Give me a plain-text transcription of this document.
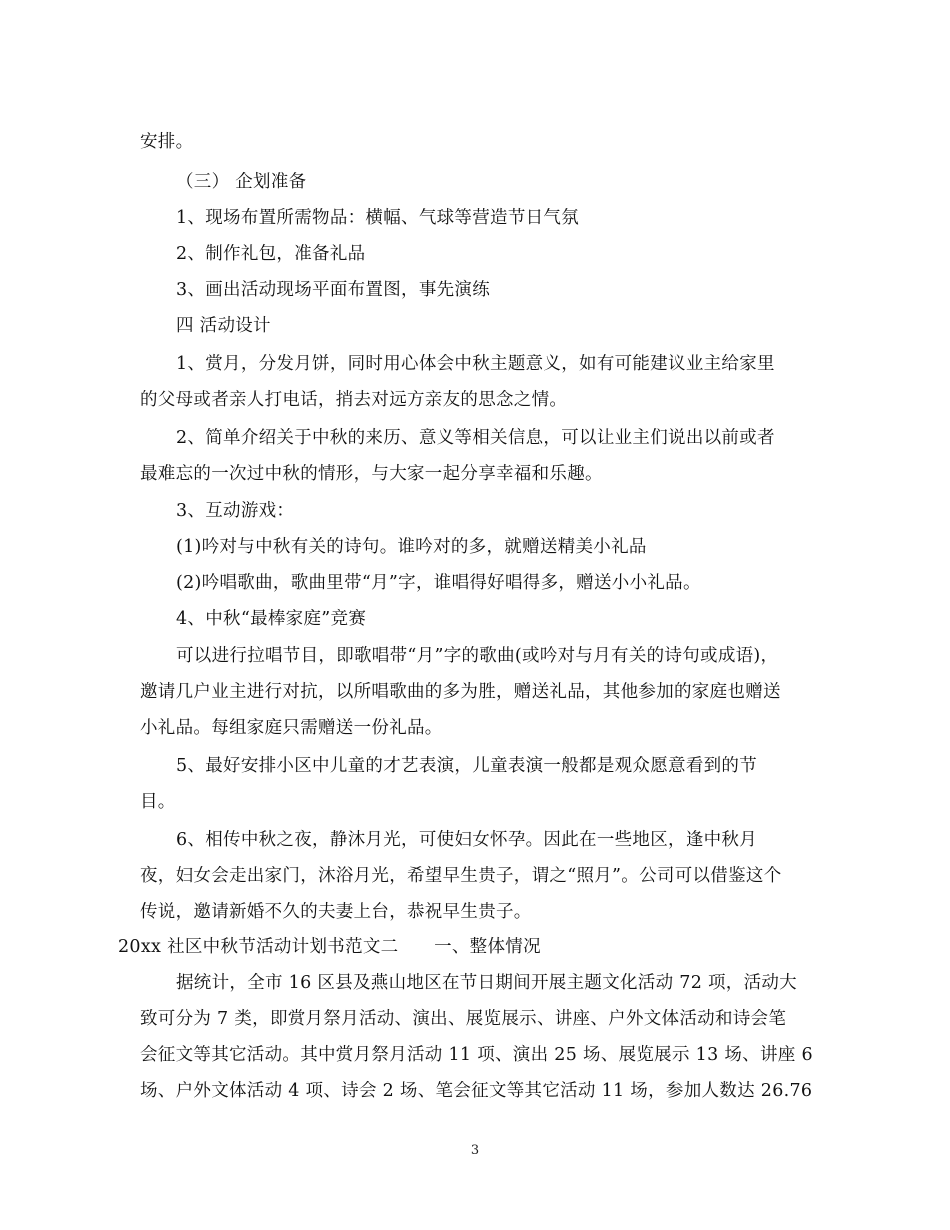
安排。
（三） 企划准备
1、现场布置所需物品：横幅、气球等营造节日气氛
2、制作礼包，准备礼品
3、画出活动现场平面布置图，事先演练
四 活动设计
1、赏月，分发月饼，同时用心体会中秋主题意义，如有可能建议业主给家里
的父母或者亲人打电话，捎去对远方亲友的思念之情。
2、简单介绍关于中秋的来历、意义等相关信息，可以让业主们说出以前或者
最难忘的一次过中秋的情形，与大家一起分享幸福和乐趣。
3、互动游戏：
(1)吟对与中秋有关的诗句。谁吟对的多，就赠送精美小礼品
(2)吟唱歌曲，歌曲里带“月”字，谁唱得好唱得多，赠送小小礼品。
4、中秋“最棒家庭”竞赛
可以进行拉唱节目，即歌唱带“月”字的歌曲(或吟对与月有关的诗句或成语)，
邀请几户业主进行对抗，以所唱歌曲的多为胜，赠送礼品，其他参加的家庭也赠送
小礼品。每组家庭只需赠送一份礼品。
5、最好安排小区中儿童的才艺表演，儿童表演一般都是观众愿意看到的节
目。
6、相传中秋之夜，静沐月光，可使妇女怀孕。因此在一些地区，逢中秋月
夜，妇女会走出家门，沐浴月光，希望早生贵子，谓之“照月”。公司可以借鉴这个
传说，邀请新婚不久的夫妻上台，恭祝早生贵子。
20xx 社区中秋节活动计划书范文二　　一、整体情况
据统计，全市 16 区县及燕山地区在节日期间开展主题文化活动 72 项，活动大
致可分为 7 类，即赏月祭月活动、演出、展览展示、讲座、户外文体活动和诗会笔
会征文等其它活动。其中赏月祭月活动 11 项、演出 25 场、展览展示 13 场、讲座 6
场、户外文体活动 4 项、诗会 2 场、笔会征文等其它活动 11 场，参加人数达 26.76
3
